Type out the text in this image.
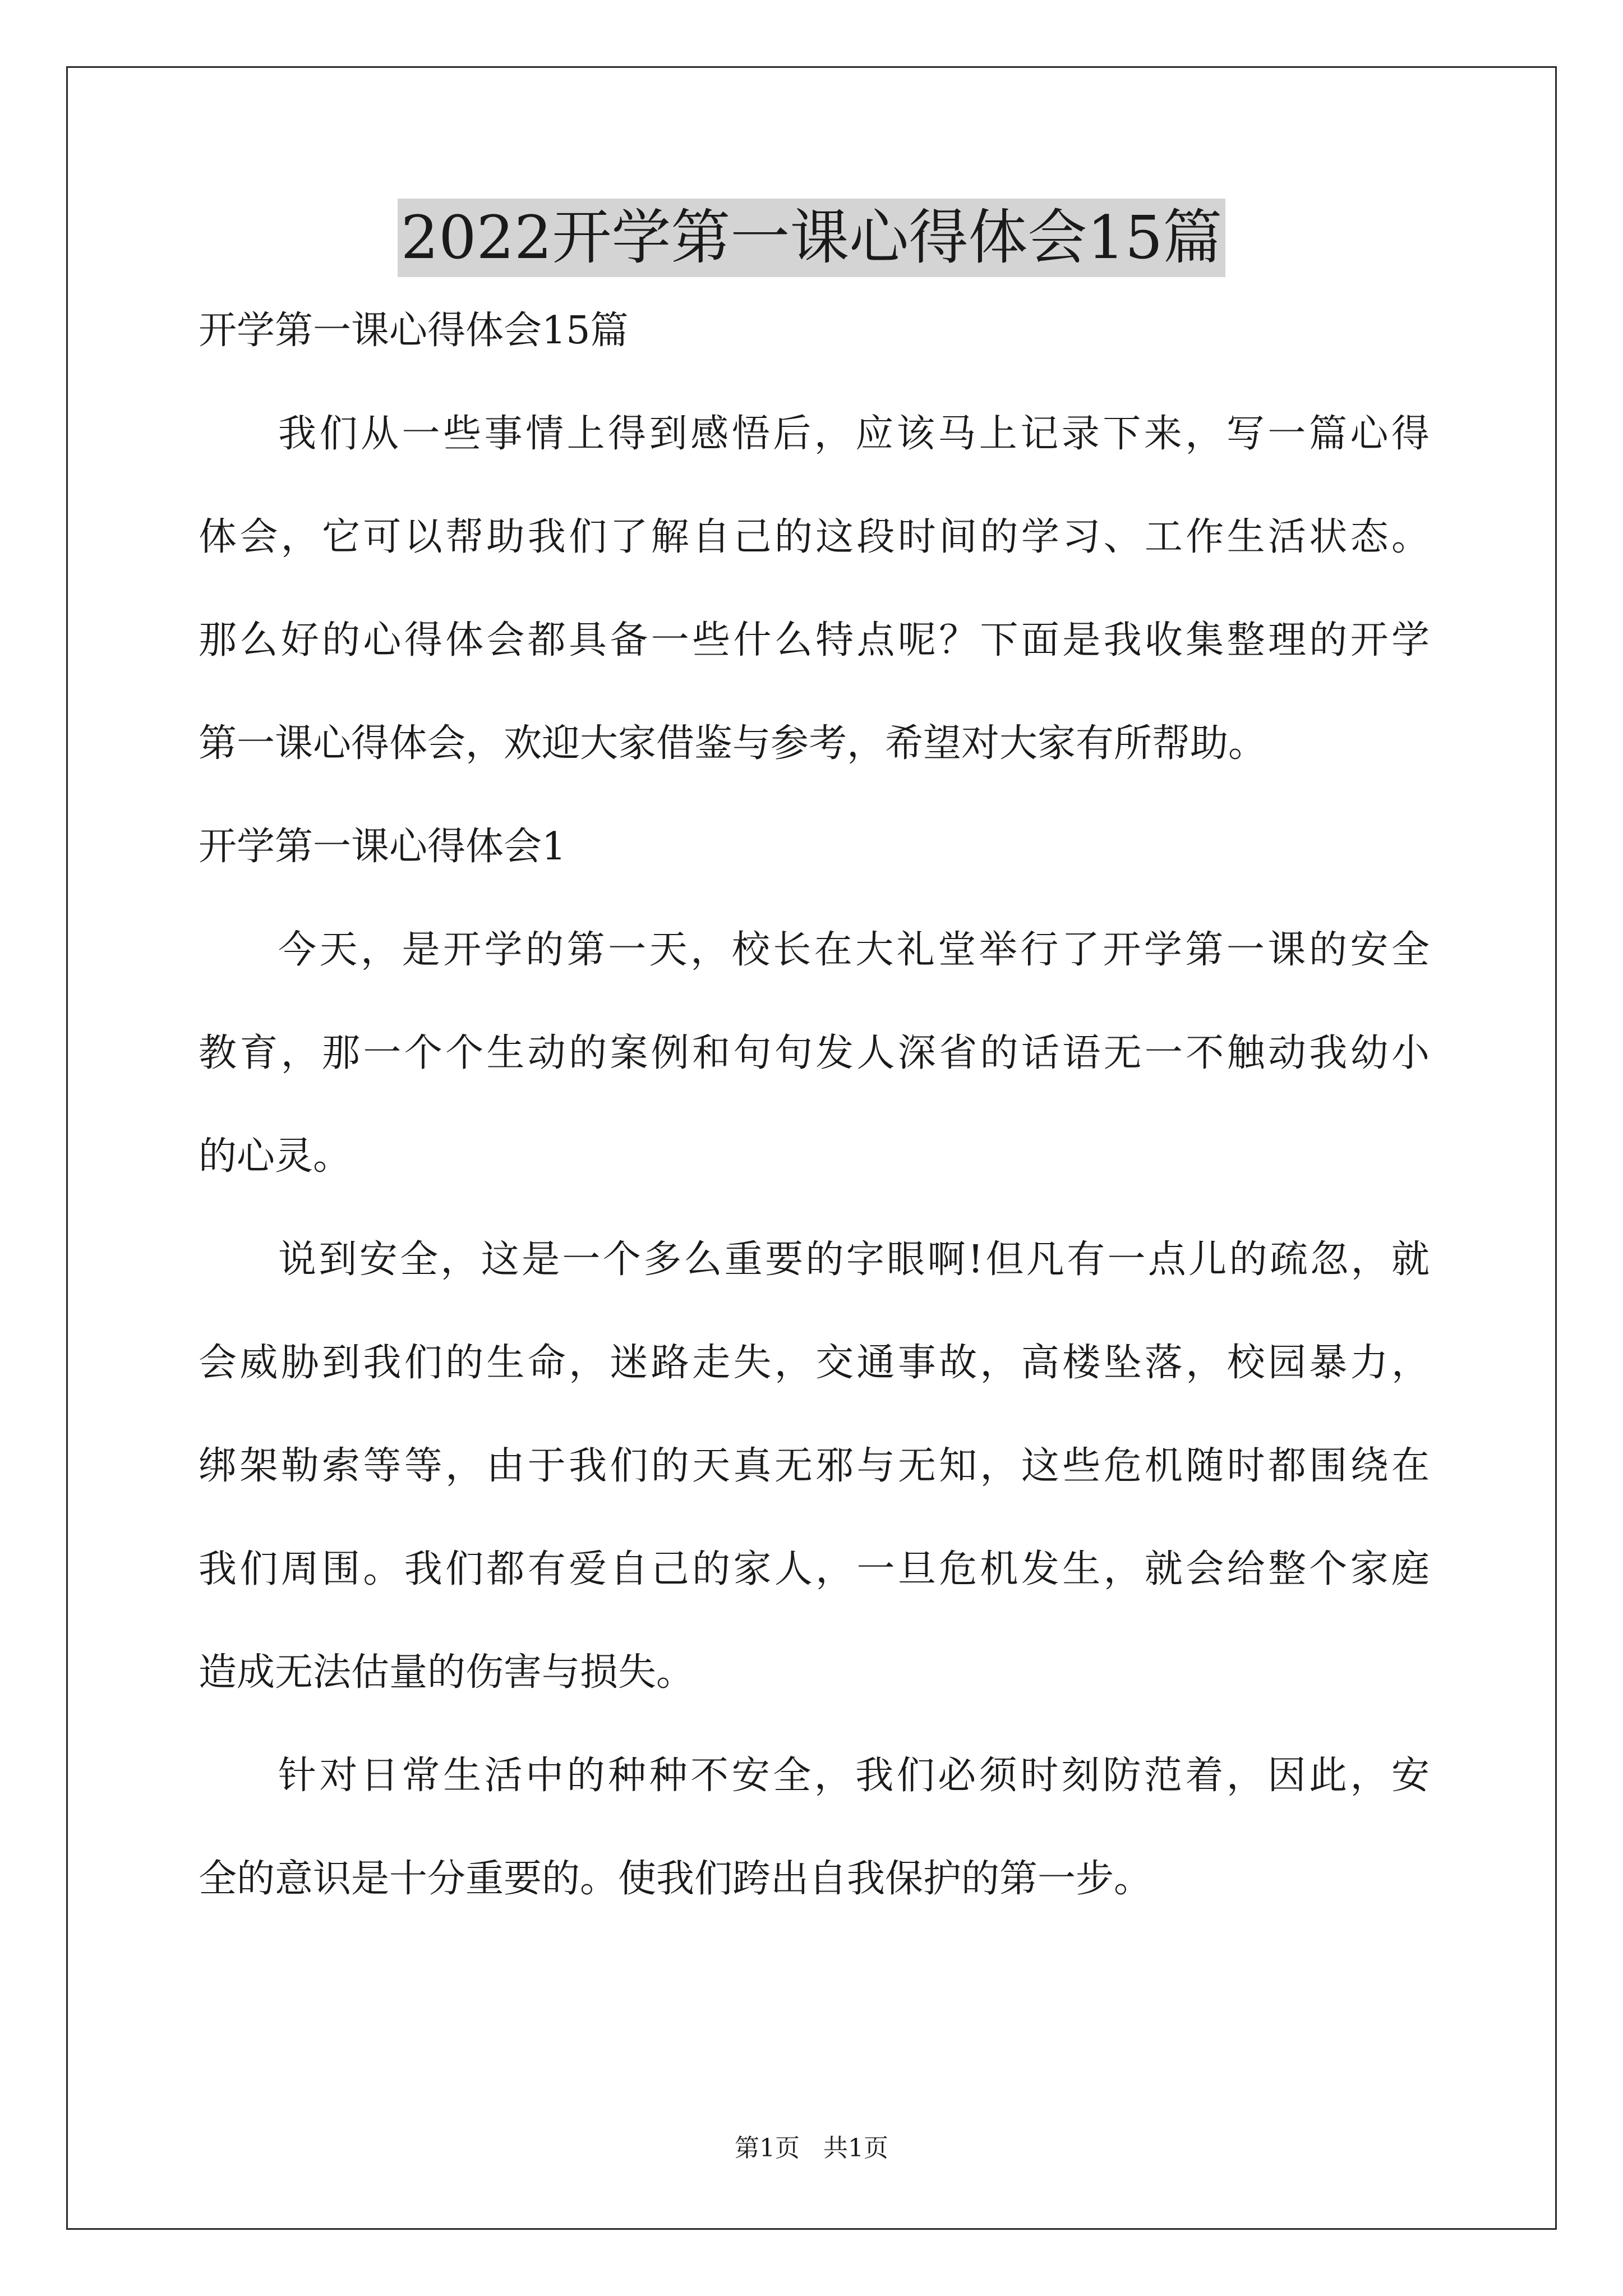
2022开学第一课心得体会15篇
开学第一课心得体会15篇
我们从一些事情上得到感悟后，应该马上记录下来，写一篇心得
体会，它可以帮助我们了解自己的这段时间的学习、工作生活状态。
那么好的心得体会都具备一些什么特点呢？下面是我收集整理的开学
第一课心得体会，欢迎大家借鉴与参考，希望对大家有所帮助。
开学第一课心得体会1
今天，是开学的第一天，校长在大礼堂举行了开学第一课的安全
教育，那一个个生动的案例和句句发人深省的话语无一不触动我幼小
的心灵。
说到安全，这是一个多么重要的字眼啊!但凡有一点儿的疏忽，就
会威胁到我们的生命，迷路走失，交通事故，高楼坠落，校园暴力，
绑架勒索等等，由于我们的天真无邪与无知，这些危机随时都围绕在
我们周围。我们都有爱自己的家人，一旦危机发生，就会给整个家庭
造成无法估量的伤害与损失。
针对日常生活中的种种不安全，我们必须时刻防范着，因此，安
全的意识是十分重要的。使我们跨出自我保护的第一步。
第1页 共1页
